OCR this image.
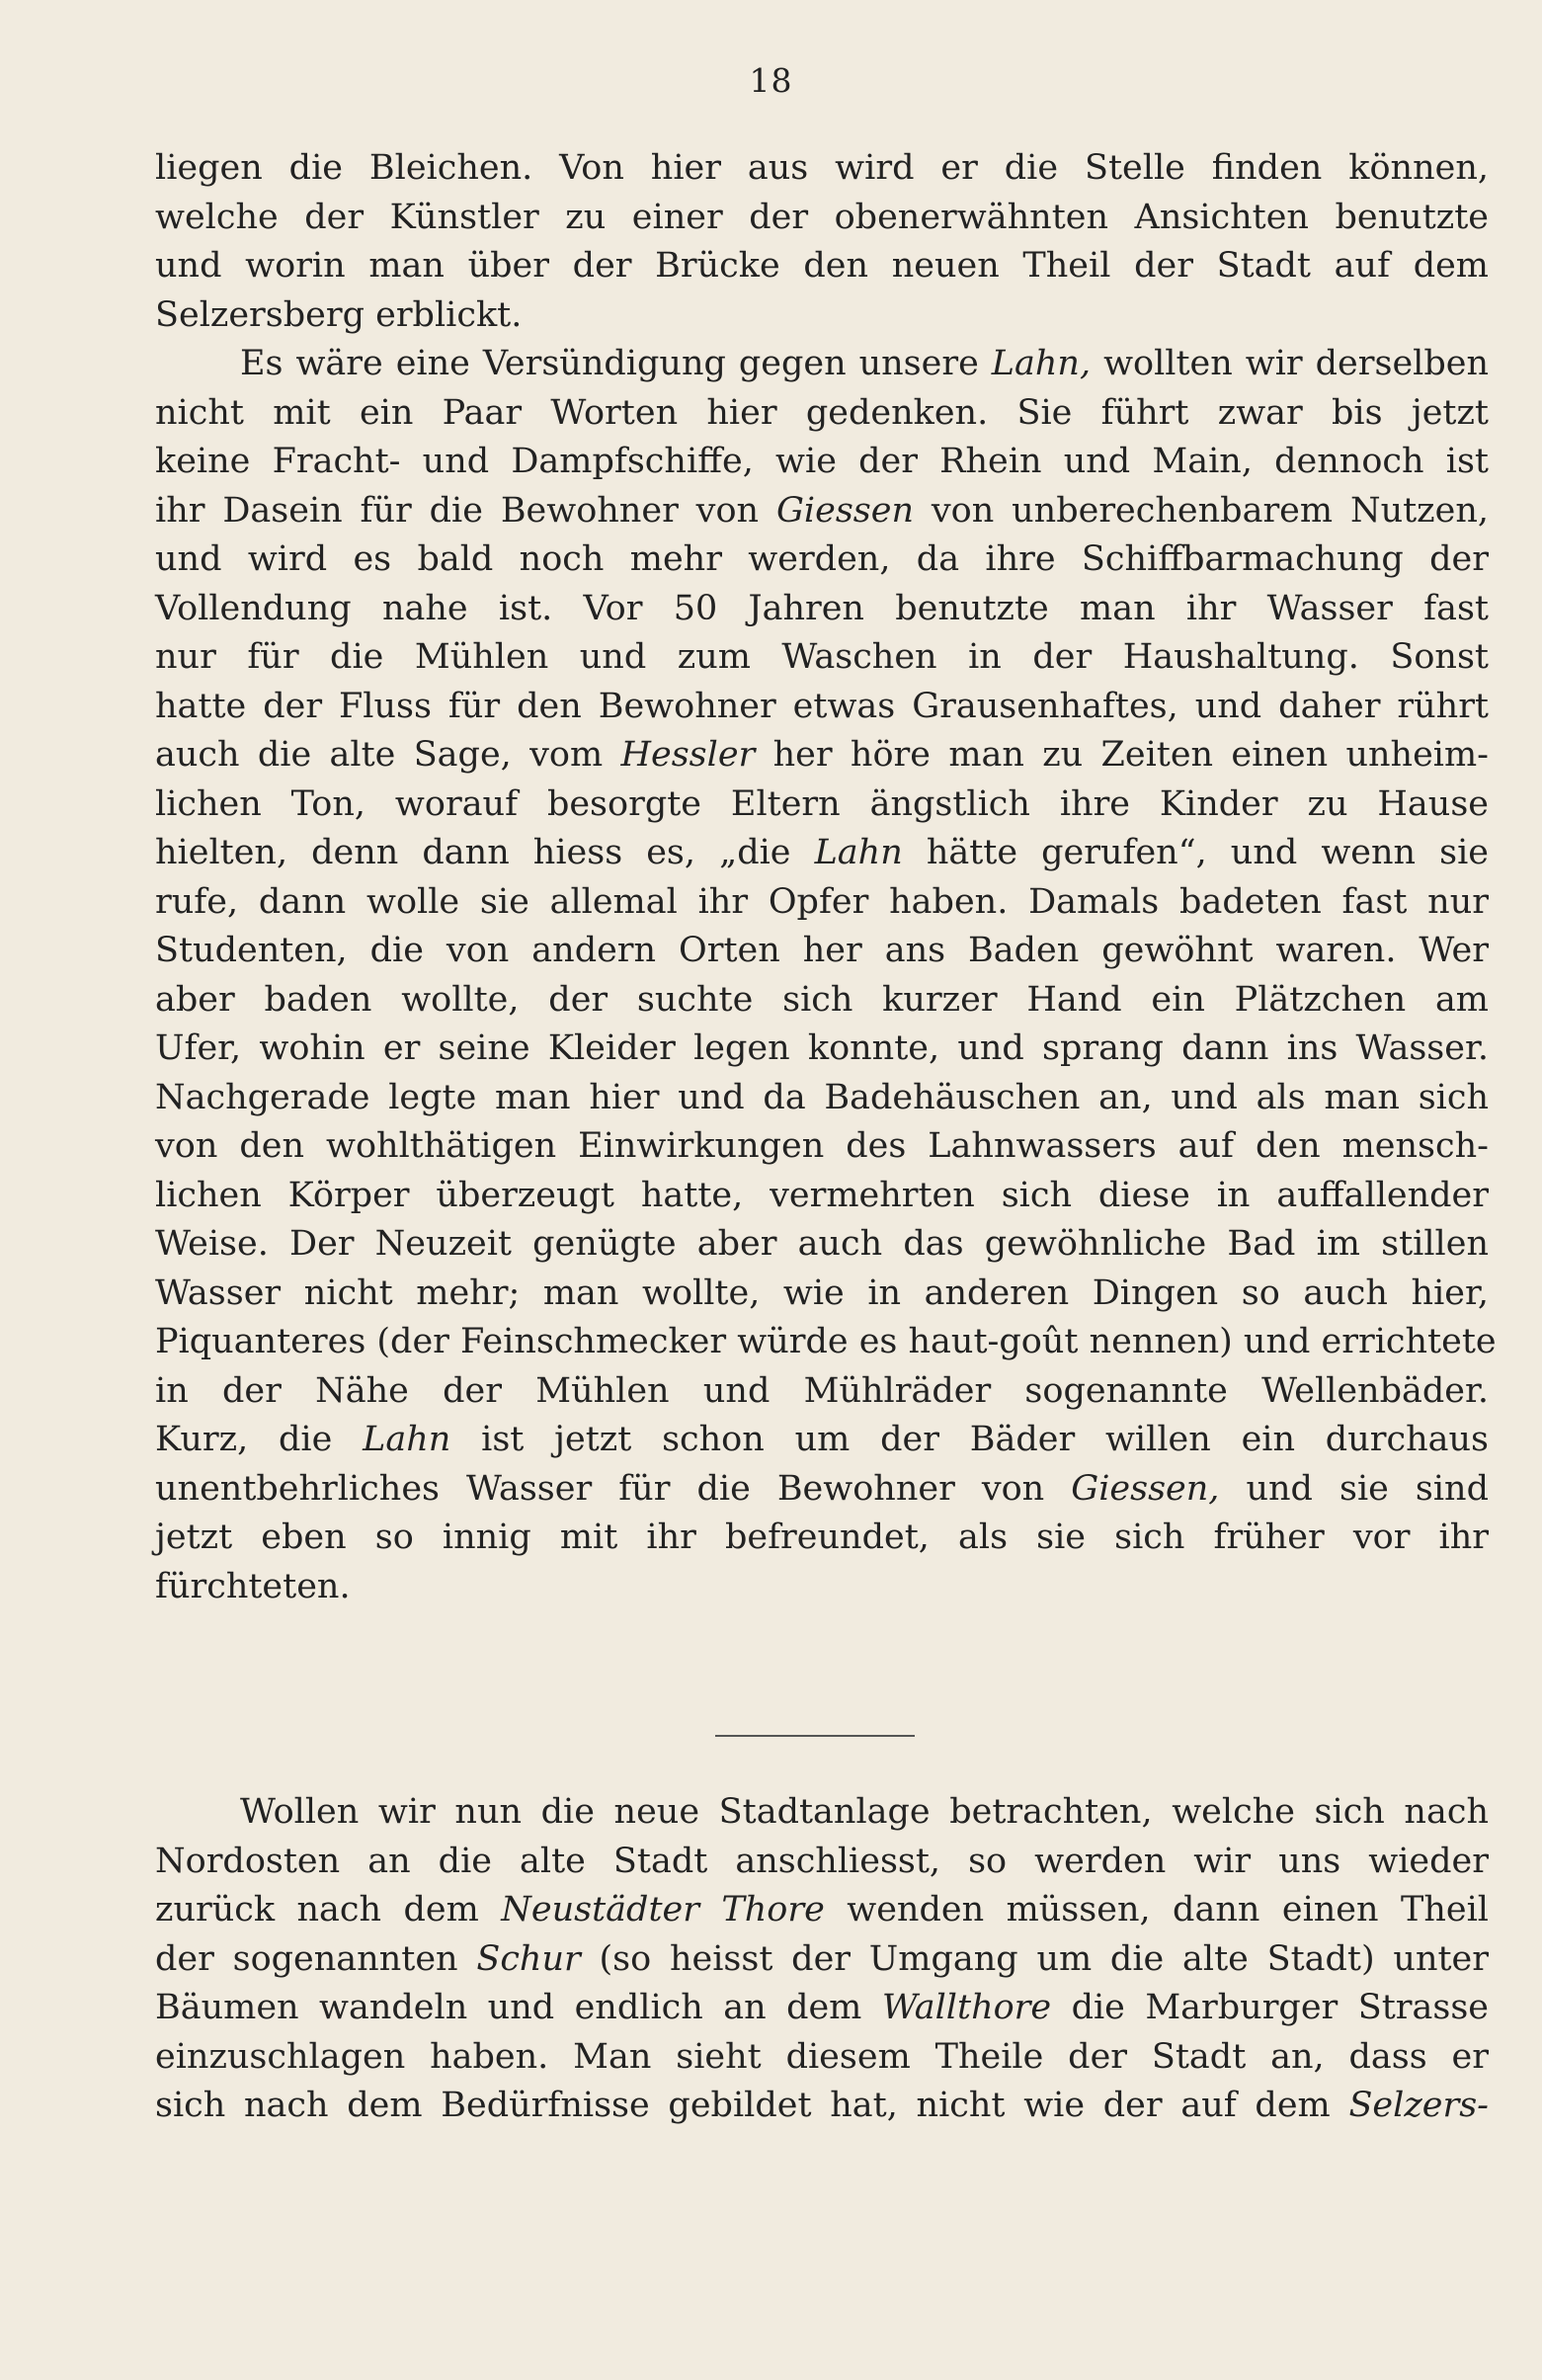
18
liegen die Bleichen. Von hier aus wird er die Stelle finden können,
welche der Künstler zu einer der obenerwähnten Ansichten benutzte
und worin man über der Brücke den neuen Theil der Stadt auf dem
Selzersberg erblickt.
Es wäre eine Versündigung gegen unsere Lahn, wollten wir derselben
nicht mit ein Paar Worten hier gedenken. Sie führt zwar bis jetzt
keine Fracht- und Dampfschiffe, wie der Rhein und Main, dennoch ist
ihr Dasein für die Bewohner von Giessen von unberechenbarem Nutzen,
und wird es bald noch mehr werden, da ihre Schiffbarmachung der
Vollendung nahe ist. Vor 50 Jahren benutzte man ihr Wasser fast
nur für die Mühlen und zum Waschen in der Haushaltung. Sonst
hatte der Fluss für den Bewohner etwas Grausenhaftes, und daher rührt
auch die alte Sage, vom Hessler her höre man zu Zeiten einen unheim-
lichen Ton, worauf besorgte Eltern ängstlich ihre Kinder zu Hause
hielten, denn dann hiess es, „die Lahn hätte gerufen“, und wenn sie
rufe, dann wolle sie allemal ihr Opfer haben. Damals badeten fast nur
Studenten, die von andern Orten her ans Baden gewöhnt waren. Wer
aber baden wollte, der suchte sich kurzer Hand ein Plätzchen am
Ufer, wohin er seine Kleider legen konnte, und sprang dann ins Wasser.
Nachgerade legte man hier und da Badehäuschen an, und als man sich
von den wohlthätigen Einwirkungen des Lahnwassers auf den mensch-
lichen Körper überzeugt hatte, vermehrten sich diese in auffallender
Weise. Der Neuzeit genügte aber auch das gewöhnliche Bad im stillen
Wasser nicht mehr; man wollte, wie in anderen Dingen so auch hier,
Piquanteres (der Feinschmecker würde es haut-goût nennen) und errichtete
in der Nähe der Mühlen und Mühlräder sogenannte Wellenbäder.
Kurz, die Lahn ist jetzt schon um der Bäder willen ein durchaus
unentbehrliches Wasser für die Bewohner von Giessen, und sie sind
jetzt eben so innig mit ihr befreundet, als sie sich früher vor ihr
fürchteten.
Wollen wir nun die neue Stadtanlage betrachten, welche sich nach
Nordosten an die alte Stadt anschliesst, so werden wir uns wieder
zurück nach dem Neustädter Thore wenden müssen, dann einen Theil
der sogenannten Schur (so heisst der Umgang um die alte Stadt) unter
Bäumen wandeln und endlich an dem Wallthore die Marburger Strasse
einzuschlagen haben. Man sieht diesem Theile der Stadt an, dass er
sich nach dem Bedürfnisse gebildet hat, nicht wie der auf dem Selzers-
